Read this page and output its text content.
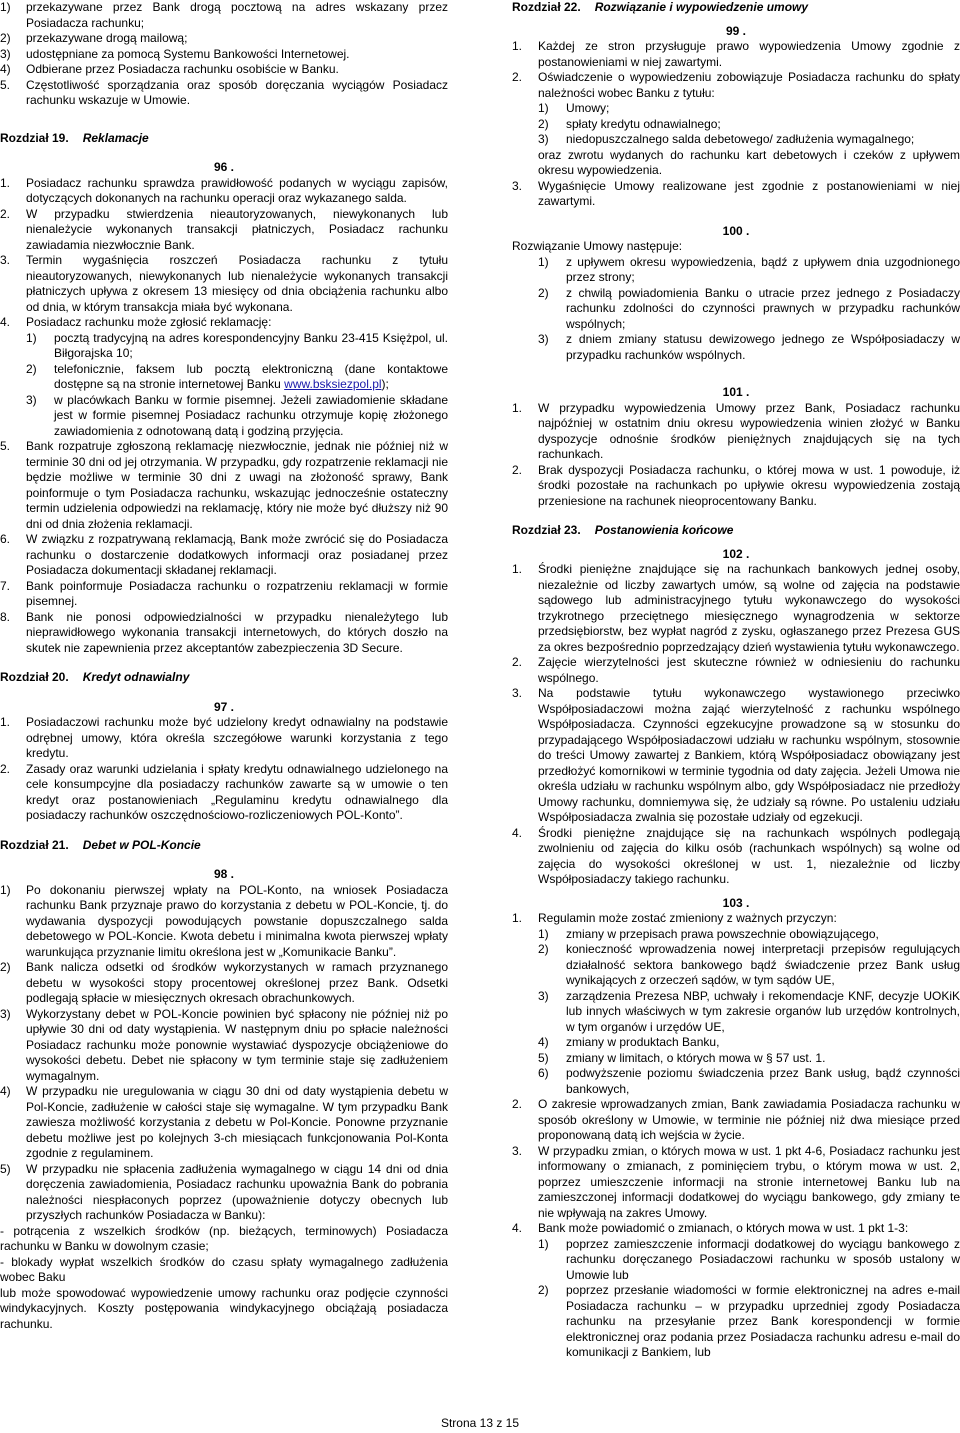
1) przekazywane przez Bank drogą pocztową na adres wskazany przez Posiadacza rachunku;
2) przekazywane drogą mailową;
3) udostępniane za pomocą Systemu Bankowości Internetowej.
4) Odbierane przez Posiadacza rachunku osobiście w Banku.
5. Częstotliwość sporządzania oraz sposób doręczania wyciągów Posiadacz rachunku wskazuje w Umowie.

Rozdział 19. Reklamacje

96 .

1. Posiadacz rachunku sprawdza prawidłowość podanych w wyciągu zapisów, dotyczących dokonanych na rachunku operacji oraz wykazanego salda.
2. W przypadku stwierdzenia nieautoryzowanych, niewykonanych lub nienależycie wykonanych transakcji płatniczych, Posiadacz rachunku zawiadamia niezwłocznie Bank.
3. Termin wygaśnięcia roszczeń Posiadacza rachunku z tytułu nieautoryzowanych, niewykonanych lub nienależycie wykonanych transakcji płatniczych upływa z okresem 13 miesięcy od dnia obciążenia rachunku albo od dnia, w którym transakcja miała być wykonana.
4. Posiadacz rachunku może zgłosić reklamację:
1) pocztą tradycyjną na adres korespondencyjny Banku 23-415 Księżpol, ul. Biłgorajska 10;
2) telefonicznie, faksem lub pocztą elektroniczną (dane kontaktowe dostępne są na stronie internetowej Banku www.bsksiezpol.pl);
3) w placówkach Banku w formie pisemnej. Jeżeli zawiadomienie składane jest w formie pisemnej Posiadacz rachunku otrzymuje kopię złożonego zawiadomienia z odnotowaną datą i godziną przyjęcia.
5. Bank rozpatruje zgłoszoną reklamację niezwłocznie, jednak nie później niż w terminie 30 dni od jej otrzymania. W przypadku, gdy rozpatrzenie reklamacji nie będzie możliwe w terminie 30 dni z uwagi na złożoność sprawy, Bank poinformuje o tym Posiadacza rachunku, wskazując jednocześnie ostateczny termin udzielenia odpowiedzi na reklamację, który nie może być dłuższy niż 90 dni od dnia złożenia reklamacji.
6. W związku z rozpatrywaną reklamacją, Bank może zwrócić się do Posiadacza rachunku o dostarczenie dodatkowych informacji oraz posiadanej przez Posiadacza dokumentacji składanej reklamacji.
7. Bank poinformuje Posiadacza rachunku o rozpatrzeniu reklamacji w formie pisemnej.
8. Bank nie ponosi odpowiedzialności w przypadku nienależytego lub nieprawidłowego wykonania transakcji internetowych, do których doszło na skutek nie zapewnienia przez akceptantów zabezpieczenia 3D Secure.

Rozdział 20. Kredyt odnawialny

97 .

1. Posiadaczowi rachunku może być udzielony kredyt odnawialny na podstawie odrębnej umowy, która określa szczegółowe warunki korzystania z tego kredytu.
2. Zasady oraz warunki udzielania i spłaty kredytu odnawialnego udzielonego na cele konsumpcyjne dla posiadaczy rachunków zawarte są w umowie o ten kredyt oraz postanowieniach „Regulaminu kredytu odnawialnego dla posiadaczy rachunków oszczędnościowo-rozliczeniowych POL-Konto”.

Rozdział 21. Debet w POL-Koncie

98 .

1) Po dokonaniu pierwszej wpłaty na POL-Konto, na wniosek Posiadacza rachunku Bank przyznaje prawo do korzystania z debetu w POL-Koncie, tj. do wydawania dyspozycji powodujących powstanie dopuszczalnego salda debetowego w POL-Koncie. Kwota debetu i minimalna kwota pierwszej wpłaty warunkująca przyznanie limitu określona jest w „Komunikacie Banku”.
2) Bank nalicza odsetki od środków wykorzystanych w ramach przyznanego debetu w wysokości stopy procentowej określonej przez Bank. Odsetki podlegają spłacie w miesięcznych okresach obrachunkowych.
3) Wykorzystany debet w POL-Koncie powinien być spłacony nie później niż po upływie 30 dni od daty wystąpienia. W następnym dniu po spłacie należności Posiadacz rachunku może ponownie wystawiać dyspozycje obciążeniowe do wysokości debetu. Debet nie spłacony w tym terminie staje się zadłużeniem wymagalnym.
4) W przypadku nie uregulowania w ciągu 30 dni od daty wystąpienia debetu w Pol-Koncie, zadłużenie w całości staje się wymagalne. W tym przypadku Bank zawiesza możliwość korzystania z debetu w Pol-Koncie. Ponowne przyznanie debetu możliwe jest po kolejnych 3-ch miesiącach funkcjonowania Pol-Konta zgodnie z regulaminem.
5) W przypadku nie spłacenia zadłużenia wymagalnego w ciągu 14 dni od dnia doręczenia zawiadomienia, Posiadacz rachunku upoważnia Bank do pobrania należności niespłaconych poprzez (upoważnienie dotyczy obecnych lub przyszłych rachunków Posiadacza w Banku):

- potrącenia z wszelkich środków (np. bieżących, terminowych) Posiadacza rachunku w Banku w dowolnym czasie;

- blokady wypłat wszelkich środków do czasu spłaty wymagalnego zadłużenia wobec Baku

lub może spowodować wypowiedzenie umowy rachunku oraz podjęcie czynności windykacyjnych. Koszty postępowania windykacyjnego obciążają posiadacza rachunku.

Rozdział 22. Rozwiązanie i wypowiedzenie umowy

99 .

1. Każdej ze stron przysługuje prawo wypowiedzenia Umowy zgodnie z postanowieniami w niej zawartymi.
2. Oświadczenie o wypowiedzeniu zobowiązuje Posiadacza rachunku do spłaty należności wobec Banku z tytułu:
1) Umowy;
2) spłaty kredytu odnawialnego;
3) niedopuszczalnego salda debetowego/ zadłużenia wymagalnego;

oraz zwrotu wydanych do rachunku kart debetowych i czeków z upływem okresu wypowiedzenia.

3. Wygaśnięcie Umowy realizowane jest zgodnie z postanowieniami w niej zawartymi.

100 .

Rozwiązanie Umowy następuje:

1) z upływem okresu wypowiedzenia, bądź z upływem dnia uzgodnionego przez strony;
2) z chwilą powiadomienia Banku o utracie przez jednego z Posiadaczy rachunku zdolności do czynności prawnych w przypadku rachunków wspólnych;
3) z dniem zmiany statusu dewizowego jednego ze Współposiadaczy w przypadku rachunków wspólnych.

101 .

1. W przypadku wypowiedzenia Umowy przez Bank, Posiadacz rachunku najpóźniej w ostatnim dniu okresu wypowiedzenia winien złożyć w Banku dyspozycje odnośnie środków pieniężnych znajdujących się na tych rachunkach.
2. Brak dyspozycji Posiadacza rachunku, o której mowa w ust. 1 powoduje, iż środki pozostałe na rachunkach po upływie okresu wypowiedzenia zostają przeniesione na rachunek nieoprocentowany Banku.

Rozdział 23. Postanowienia końcowe

102 .

1. Środki pieniężne znajdujące się na rachunkach bankowych jednej osoby, niezależnie od liczby zawartych umów, są wolne od zajęcia na podstawie sądowego lub administracyjnego tytułu wykonawczego do wysokości trzykrotnego przeciętnego miesięcznego wynagrodzenia w sektorze przedsiębiorstw, bez wypłat nagród z zysku, ogłaszanego przez Prezesa GUS za okres bezpośrednio poprzedzający dzień wystawienia tytułu wykonawczego.
2. Zajęcie wierzytelności jest skuteczne również w odniesieniu do rachunku wspólnego.
3. Na podstawie tytułu wykonawczego wystawionego przeciwko Współposiadaczowi można zająć wierzytelność z rachunku wspólnego Współposiadacza. Czynności egzekucyjne prowadzone są w stosunku do przypadającego Współposiadaczowi udziału w rachunku wspólnym, stosownie do treści Umowy zawartej z Bankiem, którą Współposiadacz obowiązany jest przedłożyć komornikowi w terminie tygodnia od daty zajęcia. Jeżeli Umowa nie określa udziału w rachunku wspólnym albo, gdy Współposiadacz nie przedłoży Umowy rachunku, domniemywa się, że udziały są równe. Po ustaleniu udziału Współposiadacza zwalnia się pozostałe udziały od egzekucji.
4. Środki pieniężne znajdujące się na rachunkach wspólnych podlegają zwolnieniu od zajęcia do kilku osób (rachunkach wspólnych) są wolne od zajęcia do wysokości określonej w ust. 1, niezależnie od liczby Współposiadaczy takiego rachunku.

103 .

1. Regulamin może zostać zmieniony z ważnych przyczyn:
1) zmiany w przepisach prawa powszechnie obowiązującego,
2) konieczność wprowadzenia nowej interpretacji przepisów regulujących działalność sektora bankowego bądź świadczenie przez Bank usług wynikających z orzeczeń sądów, w tym sądów UE,
3) zarządzenia Prezesa NBP, uchwały i rekomendacje KNF, decyzje UOKiK lub innych właściwych w tym zakresie organów lub urzędów kontrolnych, w tym organów i urzędów UE,
4) zmiany w produktach Banku,
5) zmiany w limitach, o których mowa w § 57 ust. 1.
6) podwyższenie poziomu świadczenia przez Bank usług, bądź czynności bankowych,
2. O zakresie wprowadzanych zmian, Bank zawiadamia Posiadacza rachunku w sposób określony w Umowie, w terminie nie później niż dwa miesiące przed proponowaną datą ich wejścia w życie.
3. W przypadku zmian, o których mowa w ust. 1 pkt 4-6, Posiadacz rachunku jest informowany o zmianach, z pominięciem trybu, o którym mowa w ust. 2, poprzez umieszczenie informacji na stronie internetowej Banku lub na zamieszczonej informacji dodatkowej do wyciągu bankowego, gdy zmiany te nie wpływają na zakres Umowy.
4. Bank może powiadomić o zmianach, o których mowa w ust. 1 pkt 1-3:
1) poprzez zamieszczenie informacji dodatkowej do wyciągu bankowego z rachunku doręczanego Posiadaczowi rachunku w sposób ustalony w Umowie lub
2) poprzez przesłanie wiadomości w formie elektronicznej na adres e-mail Posiadacza rachunku – w przypadku uprzedniej zgody Posiadacza rachunku na przesyłanie przez Bank korespondencji w formie elektronicznej oraz podania przez Posiadacza rachunku adresu e-mail do komunikacji z Bankiem, lub
Strona 13 z 15
